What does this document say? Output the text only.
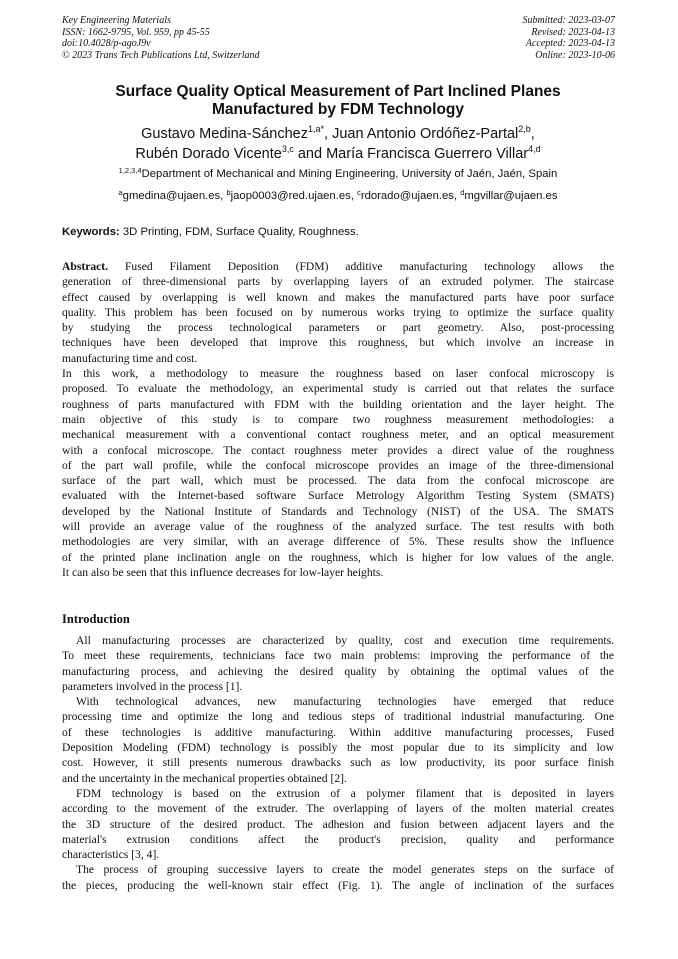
Key Engineering Materials
ISSN: 1662-9795, Vol. 959, pp 45-55
doi:10.4028/p-agoJ9v
© 2023 Trans Tech Publications Ltd, Switzerland
Submitted: 2023-03-07
Revised: 2023-04-13
Accepted: 2023-04-13
Online: 2023-10-06
Surface Quality Optical Measurement of Part Inclined Planes
Manufactured by FDM Technology
Gustavo Medina-Sánchez$^{1,a*}$, Juan Antonio Ordóñez-Partal$^{2,b}$,
Rubén Dorado Vicente$^{3,c}$ and María Francisca Guerrero Villar$^{4,d}$
$^{1,2,3,4}$Department of Mechanical and Mining Engineering, University of Jaén, Jaén, Spain
$^a$gmedina@ujaen.es, $^b$jaop0003@red.ujaen.es, $^c$rdorado@ujaen.es, $^d$mgvillar@ujaen.es
Keywords: 3D Printing, FDM, Surface Quality, Roughness.
Abstract. Fused Filament Deposition (FDM) additive manufacturing technology allows the
generation of three-dimensional parts by overlapping layers of an extruded polymer. The staircase
effect caused by overlapping is well known and makes the manufactured parts have poor surface
quality. This problem has been focused on by numerous works trying to optimize the surface quality
by studying the process technological parameters or part geometry. Also, post-processing
techniques have been developed that improve this roughness, but which involve an increase in
manufacturing time and cost.
In this work, a methodology to measure the roughness based on laser confocal microscopy is
proposed. To evaluate the methodology, an experimental study is carried out that relates the surface
roughness of parts manufactured with FDM with the building orientation and the layer height. The
main objective of this study is to compare two roughness measurement methodologies: a
mechanical measurement with a conventional contact roughness meter, and an optical measurement
with a confocal microscope. The contact roughness meter provides a direct value of the roughness
of the part wall profile, while the confocal microscope provides an image of the three-dimensional
surface of the part wall, which must be processed. The data from the confocal microscope are
evaluated with the Internet-based software Surface Metrology Algorithm Testing System (SMATS)
developed by the National Institute of Standards and Technology (NIST) of the USA. The SMATS
will provide an average value of the roughness of the analyzed surface. The test results with both
methodologies are very similar, with an average difference of 5%. These results show the influence
of the printed plane inclination angle on the roughness, which is higher for low values of the angle.
It can also be seen that this influence decreases for low-layer heights.
Introduction
All manufacturing processes are characterized by quality, cost and execution time requirements.
To meet these requirements, technicians face two main problems: improving the performance of the
manufacturing process, and achieving the desired quality by obtaining the optimal values of the
parameters involved in the process [1].
With technological advances, new manufacturing technologies have emerged that reduce
processing time and optimize the long and tedious steps of traditional industrial manufacturing. One
of these technologies is additive manufacturing. Within additive manufacturing processes, Fused
Deposition Modeling (FDM) technology is possibly the most popular due to its simplicity and low
cost. However, it still presents numerous drawbacks such as low productivity, its poor surface finish
and the uncertainty in the mechanical properties obtained [2].
FDM technology is based on the extrusion of a polymer filament that is deposited in layers
according to the movement of the extruder. The overlapping of layers of the molten material creates
the 3D structure of the desired product. The adhesion and fusion between adjacent layers and the
material's extrusion conditions affect the product's precision, quality and performance
characteristics [3, 4].
The process of grouping successive layers to create the model generates steps on the surface of
the pieces, producing the well-known stair effect (Fig. 1). The angle of inclination of the surfaces
